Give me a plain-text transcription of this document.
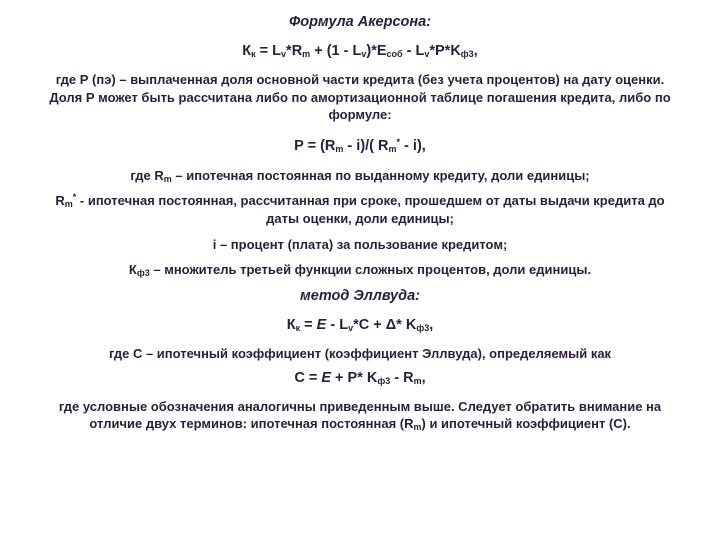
Формула Акерсона:
$К_к = L_v*R_m + (1 - L_v)*E_{соб} - L_v*P*K_{ф3}$,
где Р (пэ) – выплаченная доля основной части кредита (без учета процентов) на дату оценки.
Доля Р может быть рассчитана либо по амортизационной таблице погашения кредита, либо по
формуле:
$P = (R_m - i)/$( $R_m^* - i$),
где $R_m$ – ипотечная постоянная по выданному кредиту, доли единицы;
$R_m^*$ - ипотечная постоянная, рассчитанная при сроке, прошедшем от даты выдачи кредита до
даты оценки, доли единицы;
i – процент (плата) за пользование кредитом;
$К_{ф3}$ – множитель третьей функции сложных процентов, доли единицы.
метод Эллвуда:
$К_к = E - L_v*C + \Delta*$ $K_{ф3}$,
где С – ипотечный коэффициент (коэффициент Эллвуда), определяемый как
C = E + P* $K_{ф3} - R_m$,
где условные обозначения аналогичны приведенным выше. Следует обратить внимание на
отличие двух терминов: ипотечная постоянная $(R_m)$ и ипотечный коэффициент (С).
